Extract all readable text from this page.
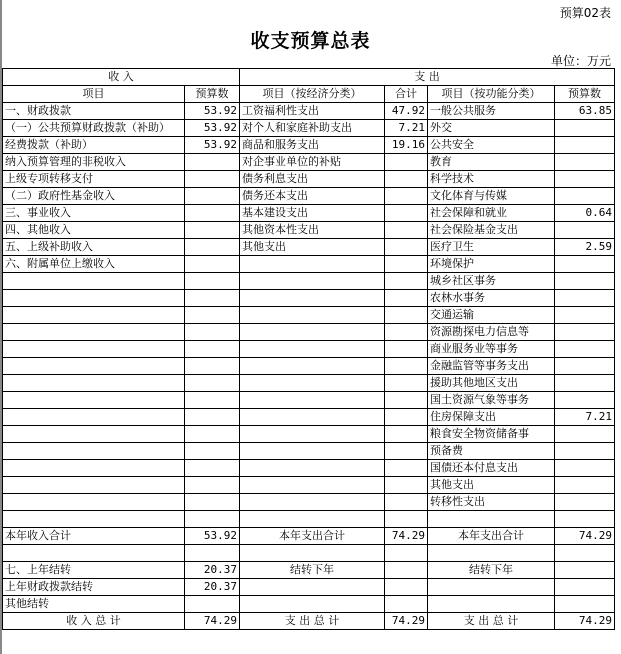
预算02表
收支预算总表
单位：万元
收 入		支 出			
项目	预算数	项目（按经济分类）	合计	项目（按功能分类）	预算数
一、财政拨款	53.92	工资福利性支出	47.92	一般公共服务	63.85
（一）公共预算财政拨款（补助）	53.92	对个人和家庭补助支出	7.21	外交	
经费拨款（补助）	53.92	商品和服务支出	19.16	公共安全	
纳入预算管理的非税收入		对企事业单位的补贴		教育	
上级专项转移支付		债务利息支出		科学技术	
（二）政府性基金收入		债务还本支出		文化体育与传媒	
三、事业收入		基本建设支出		社会保障和就业	0.64
四、其他收入		其他资本性支出		社会保险基金支出	
五、上级补助收入		其他支出		医疗卫生	2.59
六、附属单位上缴收入				环境保护	
				城乡社区事务	
				农林水事务	
				交通运输	
				资源勘探电力信息等	
				商业服务业等事务	
				金融监管等事务支出	
				援助其他地区支出	
				国土资源气象等事务	
				住房保障支出	7.21
				粮食安全物资储备事	
				预备费	
				国债还本付息支出	
				其他支出	
				转移性支出	

本年收入合计	53.92	本年支出合计	74.29	本年支出合计	74.29

七、上年结转	20.37	结转下年		结转下年	
上年财政拨款结转	20.37				
其他结转					
收 入 总 计	74.29	支 出 总 计	74.29	支 出 总 计	74.29
